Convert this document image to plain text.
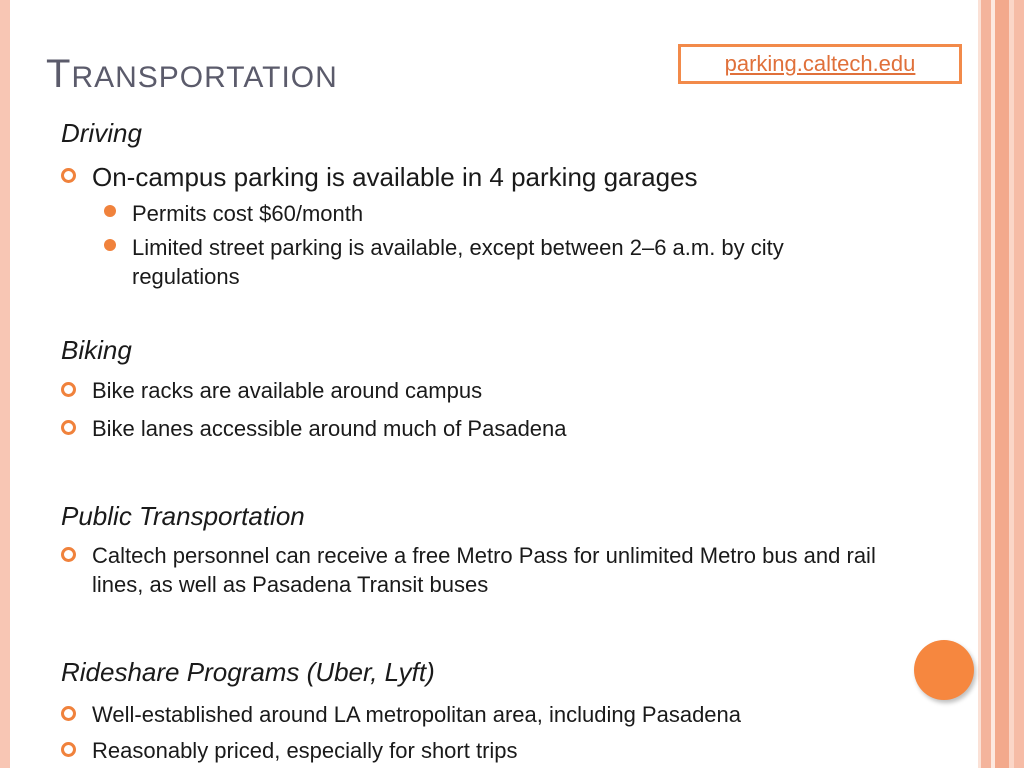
TRANSPORTATION	parking.caltech.edu
Driving
On-campus parking is available in 4 parking garages
Permits cost $60/month
Limited street parking is available, except between 2–6 a.m. by city regulations
Biking
Bike racks are available around campus
Bike lanes accessible around much of Pasadena
Public Transportation
Caltech personnel can receive a free Metro Pass for unlimited Metro bus and rail lines, as well as Pasadena Transit buses
Rideshare Programs (Uber, Lyft)
Well-established around LA metropolitan area, including Pasadena
Reasonably priced, especially for short trips
